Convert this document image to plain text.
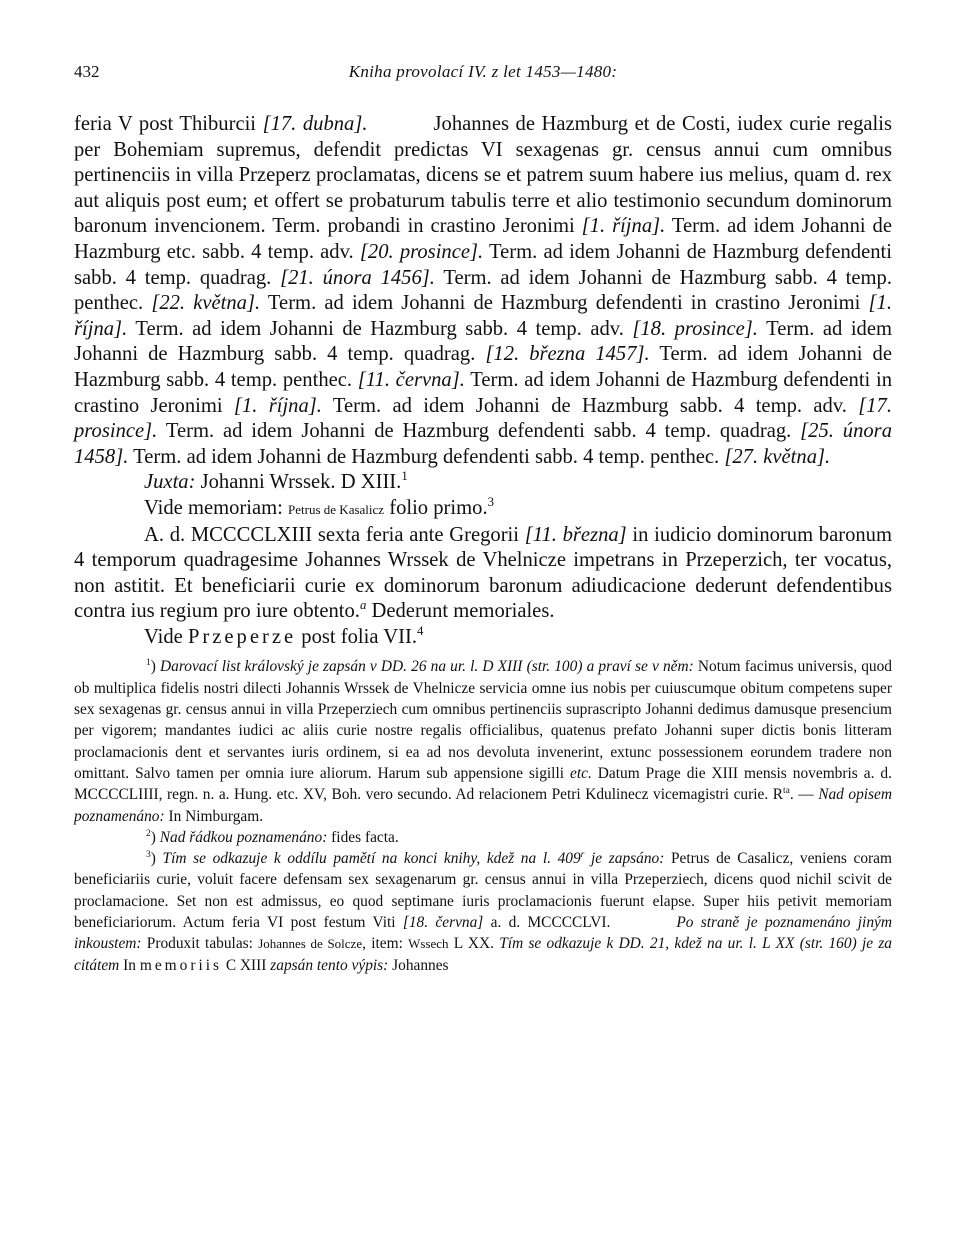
432	Kniha provolací IV. z let 1453—1480:

feria V post Thiburcii [17. dubna].	Johannes de Hazmburg et de Costi, iudex curie regalis per Bohemiam supremus, defendit predictas VI sexagenas gr. census annui cum omnibus pertinenciis in villa Przeperz proclamatas, dicens se et patrem suum habere ius melius, quam d. rex aut aliquis post eum; et offert se probaturum tabulis terre et alio testimonio secundum dominorum baronum invencionem. Term. probandi in crastino Jeronimi [1. října]. Term. ad idem Johanni de Hazmburg etc. sabb. 4 temp. adv. [20. prosince]. Term. ad idem Johanni de Hazmburg defendenti sabb. 4 temp. quadrag. [21. února 1456]. Term. ad idem Johanni de Hazmburg sabb. 4 temp. penthec. [22. května]. Term. ad idem Johanni de Hazmburg defendenti in crastino Jeronimi [1. října]. Term. ad idem Johanni de Hazmburg sabb. 4 temp. adv. [18. prosince]. Term. ad idem Johanni de Hazmburg sabb. 4 temp. quadrag. [12. března 1457]. Term. ad idem Johanni de Hazmburg sabb. 4 temp. penthec. [11. června]. Term. ad idem Johanni de Hazmburg defendenti in crastino Jeronimi [1. října]. Term. ad idem Johanni de Hazmburg sabb. 4 temp. adv. [17. prosince]. Term. ad idem Johanni de Hazmburg defendenti sabb. 4 temp. quadrag. [25. února 1458]. Term. ad idem Johanni de Hazmburg defendenti sabb. 4 temp. penthec. [27. května].

Juxta: Johanni Wrssek. D XIII.$^1$

Vide memoriam: Petrus de Kasalicz folio primo.$^3$

A. d. MCCCCLXIII sexta feria ante Gregorii [11. března] in iudicio dominorum baronum 4 temporum quadragesime Johannes Wrssek de Vhelnicze impetrans in Przeperzich, ter vocatus, non astitit. Et beneficiarii curie ex dominorum baronum adiudicacione dederunt defendentibus contra ius regium pro iure obtento.$^a$ Dederunt memoriales.

Vide Przeperze post folia VII.$^4$

$^1$) Darovací list královský je zapsán v DD. 26 na ur. l. D XIII (str. 100) a praví se v něm: Notum facimus universis, quod ob multiplica fidelis nostri dilecti Johannis Wrssek de Vhelnicze servicia omne ius nobis per cuiuscumque obitum competens super sex sexagenas gr. census annui in villa Przeperziech cum omnibus pertinenciis suprascripto Johanni dedimus damusque presencium per vigorem; mandantes iudici ac aliis curie nostre regalis officialibus, quatenus prefato Johanni super dictis bonis litteram proclamacionis dent et servantes iuris ordinem, si ea ad nos devoluta invenerint, extunc possessionem eorundem tradere non omittant. Salvo tamen per omnia iure aliorum. Harum sub appensione sigilli etc. Datum Prage die XIII mensis novembris a. d. MCCCCLIIII, regn. n. a. Hung. etc. XV, Boh. vero secundo. Ad relacionem Petri Kdulinecz vicemagistri curie. $R^{ta}$. — Nad opisem poznamenáno: In Nimburgam.

$^2$) Nad řádkou poznamenáno: fides facta.

$^3$) Tím se odkazuje k oddílu pamětí na konci knihy, kdež na l. 409$^r$ je zapsáno: Petrus de Casalicz, veniens coram beneficiariis curie, voluit facere defensam sex sexagenarum gr. census annui in villa Przeperziech, dicens quod nichil scivit de proclamacione. Set non est admissus, eo quod septimane iuris proclamacionis fuerunt elapse. Super hiis petivit memoriam beneficiariorum. Actum feria VI post festum Viti [18. června] a. d. MCCCCLVI.	Po straně je poznamenáno jiným inkoustem: Produxit tabulas: Johannes de Solcze, item: Wssech L XX. Tím se odkazuje k DD. 21, kdež na ur. l. L XX (str. 160) je za citátem In memoriis C XIII zapsán tento výpis: Johannes
